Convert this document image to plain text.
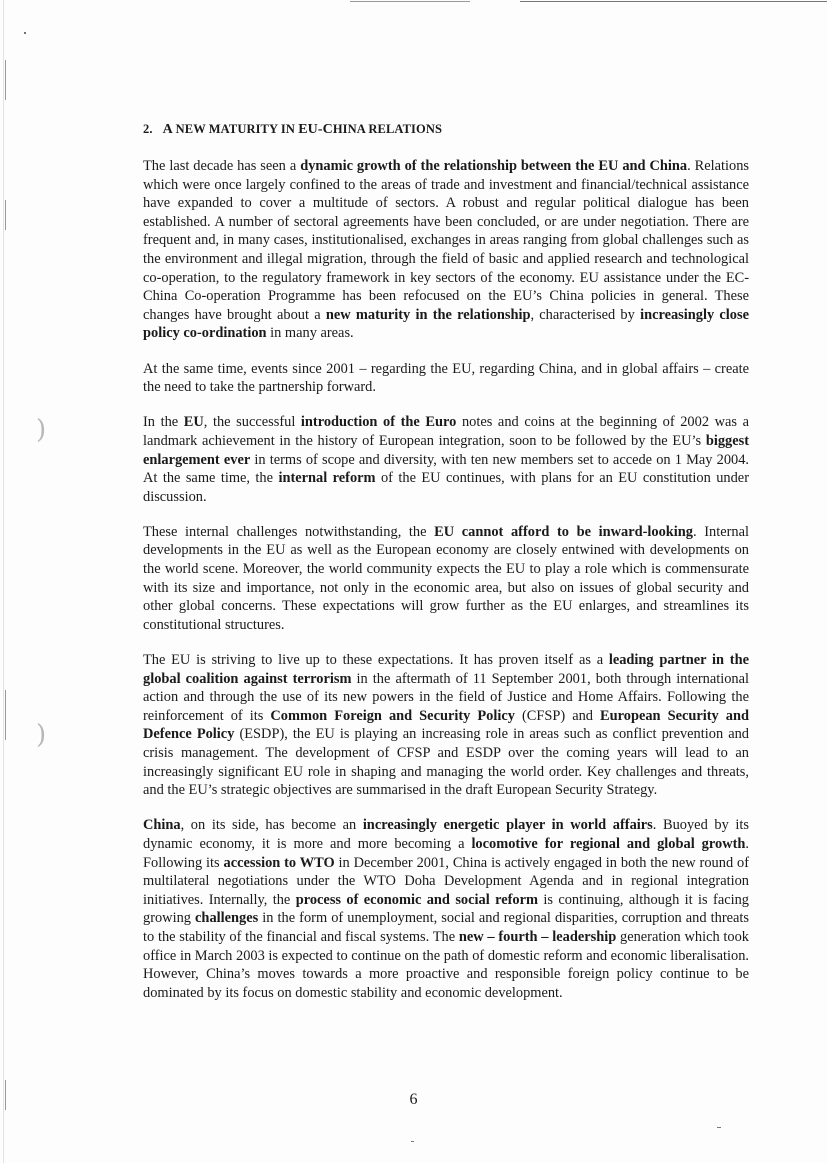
)
)
2. A NEW MATURITY IN EU-CHINA RELATIONS

The last decade has seen a dynamic growth of the relationship between the EU and China. Relations which were once largely confined to the areas of trade and investment and financial/technical assistance have expanded to cover a multitude of sectors. A robust and regular political dialogue has been established. A number of sectoral agreements have been concluded, or are under negotiation. There are frequent and, in many cases, institutionalised, exchanges in areas ranging from global challenges such as the environment and illegal migration, through the field of basic and applied research and technological co-operation, to the regulatory framework in key sectors of the economy. EU assistance under the EC-China Co-operation Programme has been refocused on the EU’s China policies in general. These changes have brought about a new maturity in the relationship, characterised by increasingly close policy co-ordination in many areas.

At the same time, events since 2001 – regarding the EU, regarding China, and in global affairs – create the need to take the partnership forward.

In the EU, the successful introduction of the Euro notes and coins at the beginning of 2002 was a landmark achievement in the history of European integration, soon to be followed by the EU’s biggest enlargement ever in terms of scope and diversity, with ten new members set to accede on 1 May 2004. At the same time, the internal reform of the EU continues, with plans for an EU constitution under discussion.

These internal challenges notwithstanding, the EU cannot afford to be inward-looking. Internal developments in the EU as well as the European economy are closely entwined with developments on the world scene. Moreover, the world community expects the EU to play a role which is commensurate with its size and importance, not only in the economic area, but also on issues of global security and other global concerns. These expectations will grow further as the EU enlarges, and streamlines its constitutional structures.

The EU is striving to live up to these expectations. It has proven itself as a leading partner in the global coalition against terrorism in the aftermath of 11 September 2001, both through international action and through the use of its new powers in the field of Justice and Home Affairs. Following the reinforcement of its Common Foreign and Security Policy (CFSP) and European Security and Defence Policy (ESDP), the EU is playing an increasing role in areas such as conflict prevention and crisis management. The development of CFSP and ESDP over the coming years will lead to an increasingly significant EU role in shaping and managing the world order. Key challenges and threats, and the EU’s strategic objectives are summarised in the draft European Security Strategy.

China, on its side, has become an increasingly energetic player in world affairs. Buoyed by its dynamic economy, it is more and more becoming a locomotive for regional and global growth. Following its accession to WTO in December 2001, China is actively engaged in both the new round of multilateral negotiations under the WTO Doha Development Agenda and in regional integration initiatives. Internally, the process of economic and social reform is continuing, although it is facing growing challenges in the form of unemployment, social and regional disparities, corruption and threats to the stability of the financial and fiscal systems. The new – fourth – leadership generation which took office in March 2003 is expected to continue on the path of domestic reform and economic liberalisation. However, China’s moves towards a more proactive and responsible foreign policy continue to be dominated by its focus on domestic stability and economic development.

6
